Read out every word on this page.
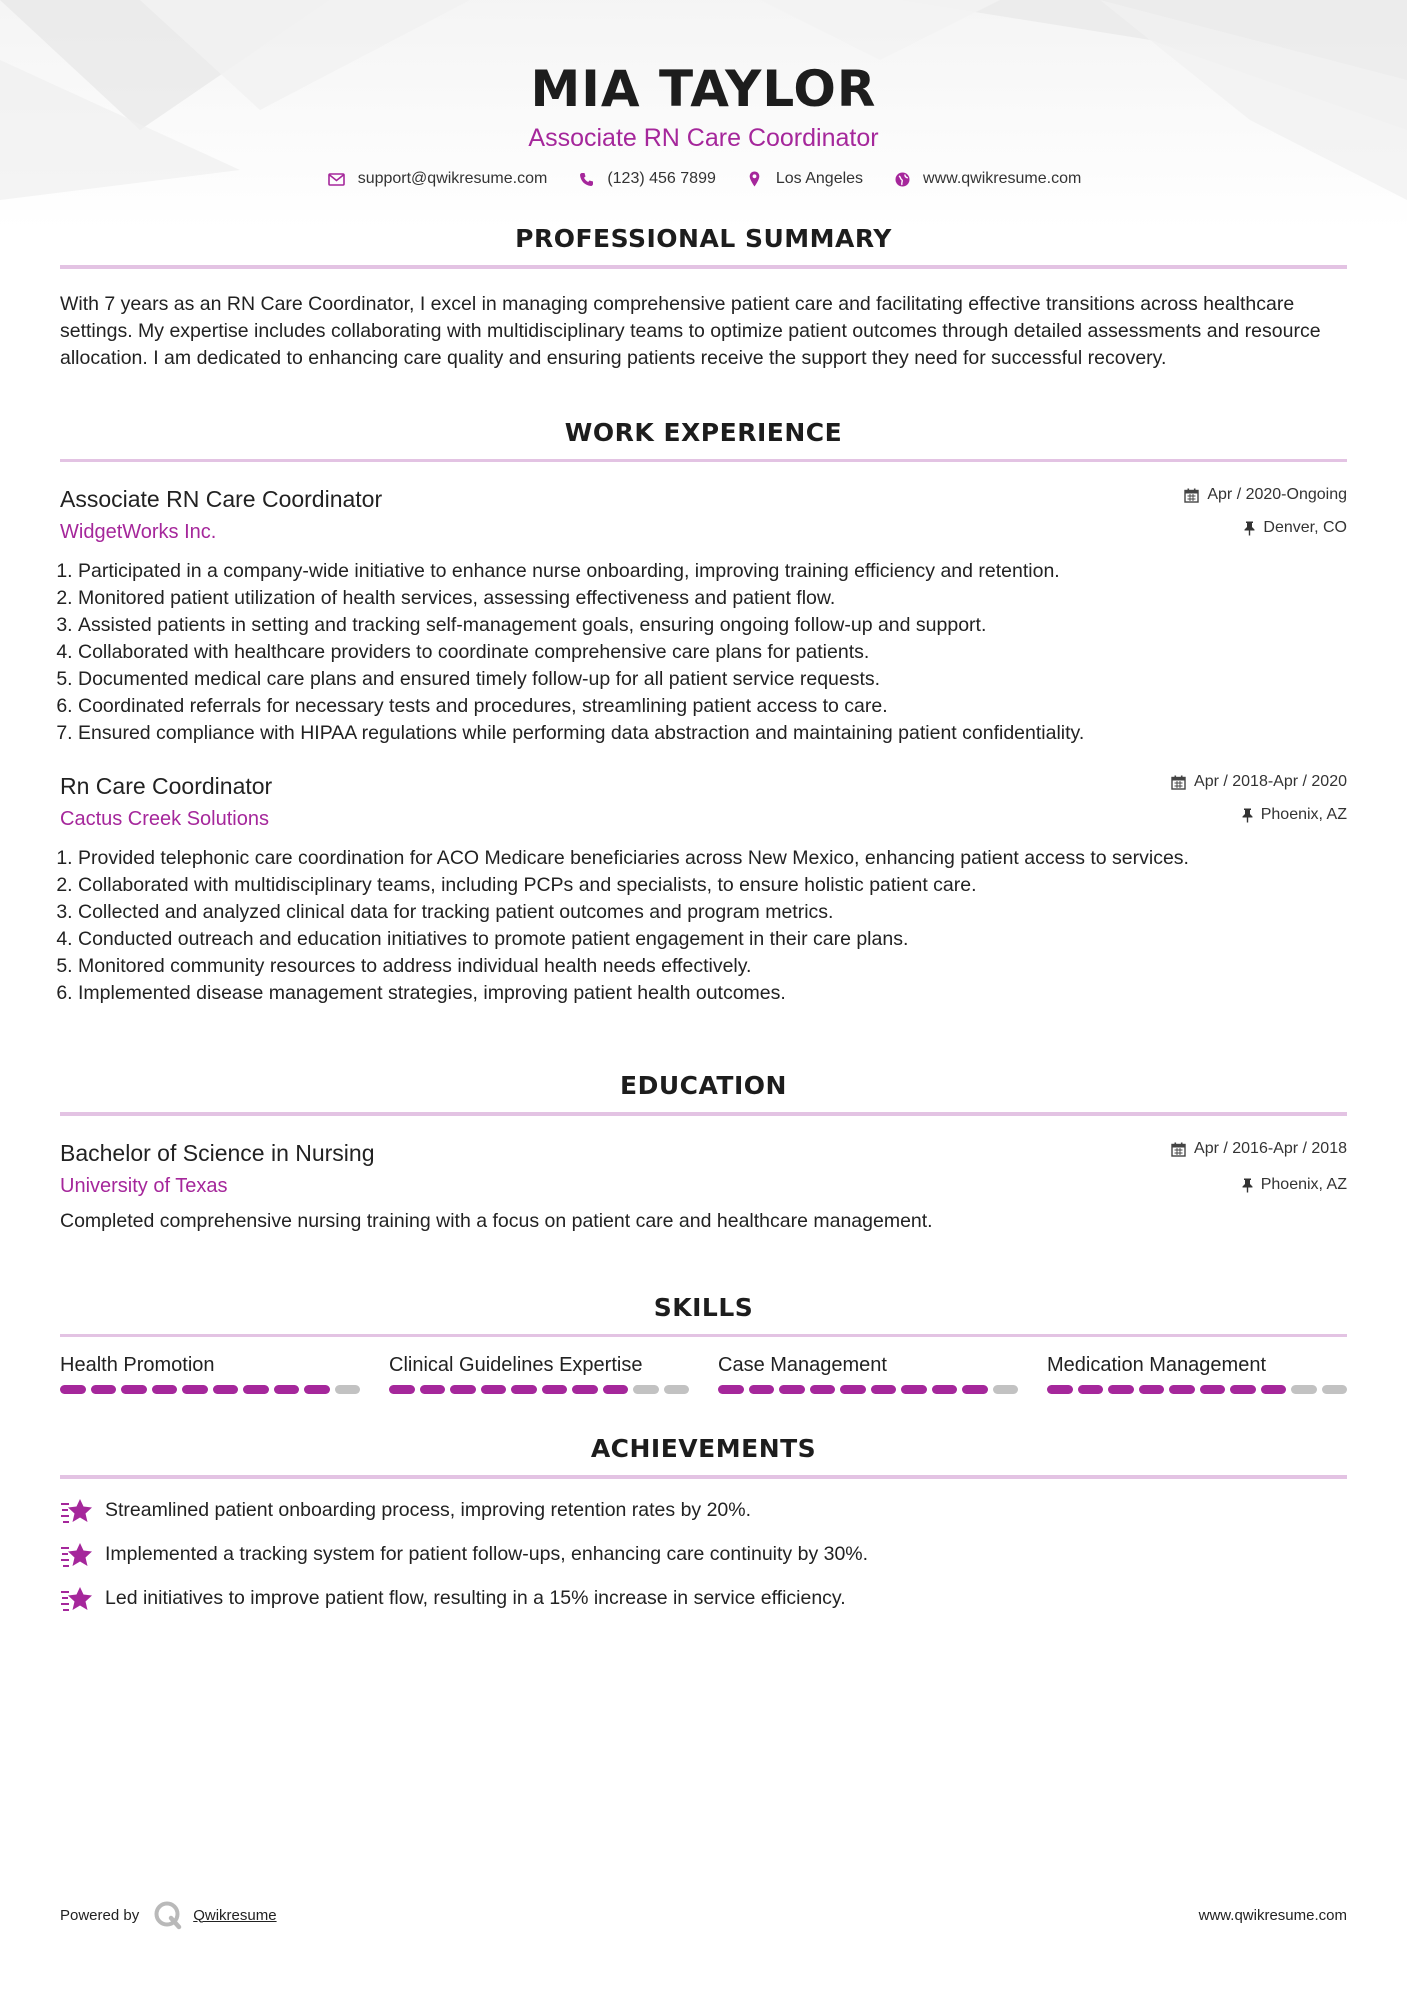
MIA TAYLOR
Associate RN Care Coordinator
support@qwikresume.com	(123) 456 7899	Los Angeles	www.qwikresume.com
PROFESSIONAL SUMMARY
With 7 years as an RN Care Coordinator, I excel in managing comprehensive patient care and facilitating effective transitions across healthcare settings. My expertise includes collaborating with multidisciplinary teams to optimize patient outcomes through detailed assessments and resource allocation. I am dedicated to enhancing care quality and ensuring patients receive the support they need for successful recovery.
WORK EXPERIENCE
Associate RN Care Coordinator
WidgetWorks Inc.
Apr / 2020-Ongoing
Denver, CO
1. Participated in a company-wide initiative to enhance nurse onboarding, improving training efficiency and retention.
2. Monitored patient utilization of health services, assessing effectiveness and patient flow.
3. Assisted patients in setting and tracking self-management goals, ensuring ongoing follow-up and support.
4. Collaborated with healthcare providers to coordinate comprehensive care plans for patients.
5. Documented medical care plans and ensured timely follow-up for all patient service requests.
6. Coordinated referrals for necessary tests and procedures, streamlining patient access to care.
7. Ensured compliance with HIPAA regulations while performing data abstraction and maintaining patient confidentiality.
Rn Care Coordinator
Cactus Creek Solutions
Apr / 2018-Apr / 2020
Phoenix, AZ
1. Provided telephonic care coordination for ACO Medicare beneficiaries across New Mexico, enhancing patient access to services.
2. Collaborated with multidisciplinary teams, including PCPs and specialists, to ensure holistic patient care.
3. Collected and analyzed clinical data for tracking patient outcomes and program metrics.
4. Conducted outreach and education initiatives to promote patient engagement in their care plans.
5. Monitored community resources to address individual health needs effectively.
6. Implemented disease management strategies, improving patient health outcomes.
EDUCATION
Bachelor of Science in Nursing
University of Texas
Apr / 2016-Apr / 2018
Phoenix, AZ
Completed comprehensive nursing training with a focus on patient care and healthcare management.
SKILLS
Health Promotion	Clinical Guidelines Expertise	Case Management	Medication Management
ACHIEVEMENTS
Streamlined patient onboarding process, improving retention rates by 20%.
Implemented a tracking system for patient follow-ups, enhancing care continuity by 30%.
Led initiatives to improve patient flow, resulting in a 15% increase in service efficiency.
Powered by	Qwikresume	www.qwikresume.com
